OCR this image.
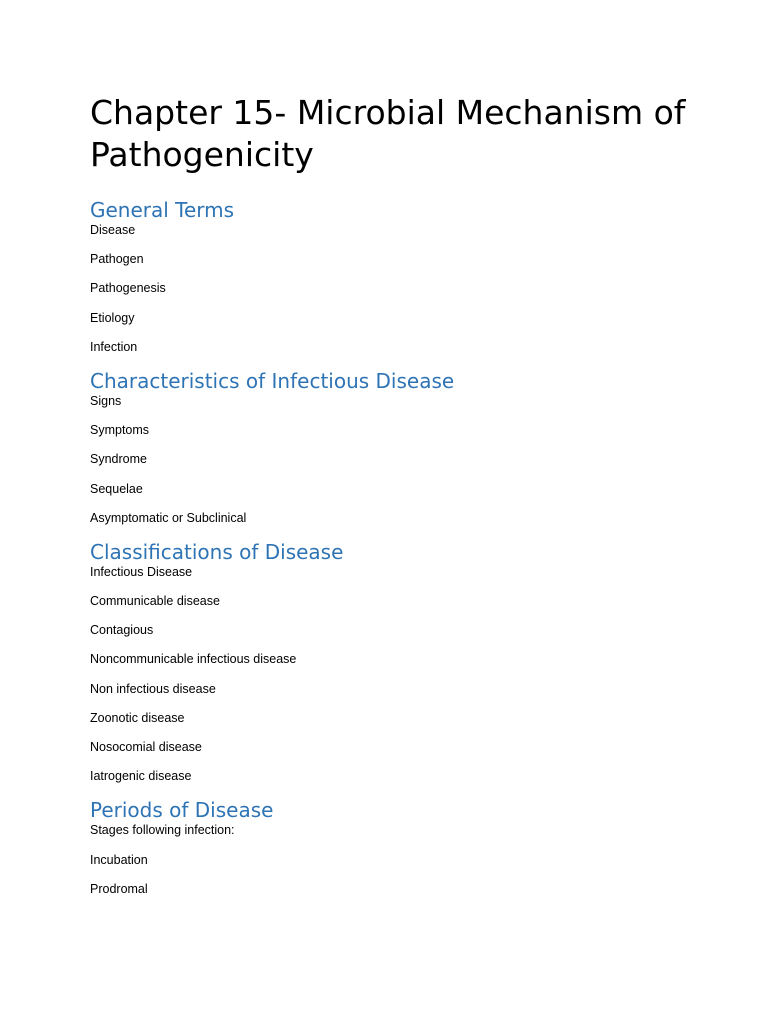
Chapter 15- Microbial Mechanism of Pathogenicity
General Terms
Disease
Pathogen
Pathogenesis
Etiology
Infection
Characteristics of Infectious Disease
Signs
Symptoms
Syndrome
Sequelae
Asymptomatic or Subclinical
Classifications of Disease
Infectious Disease
Communicable disease
Contagious
Noncommunicable infectious disease
Non infectious disease
Zoonotic disease
Nosocomial disease
Iatrogenic disease
Periods of Disease
Stages following infection:
Incubation
Prodromal
